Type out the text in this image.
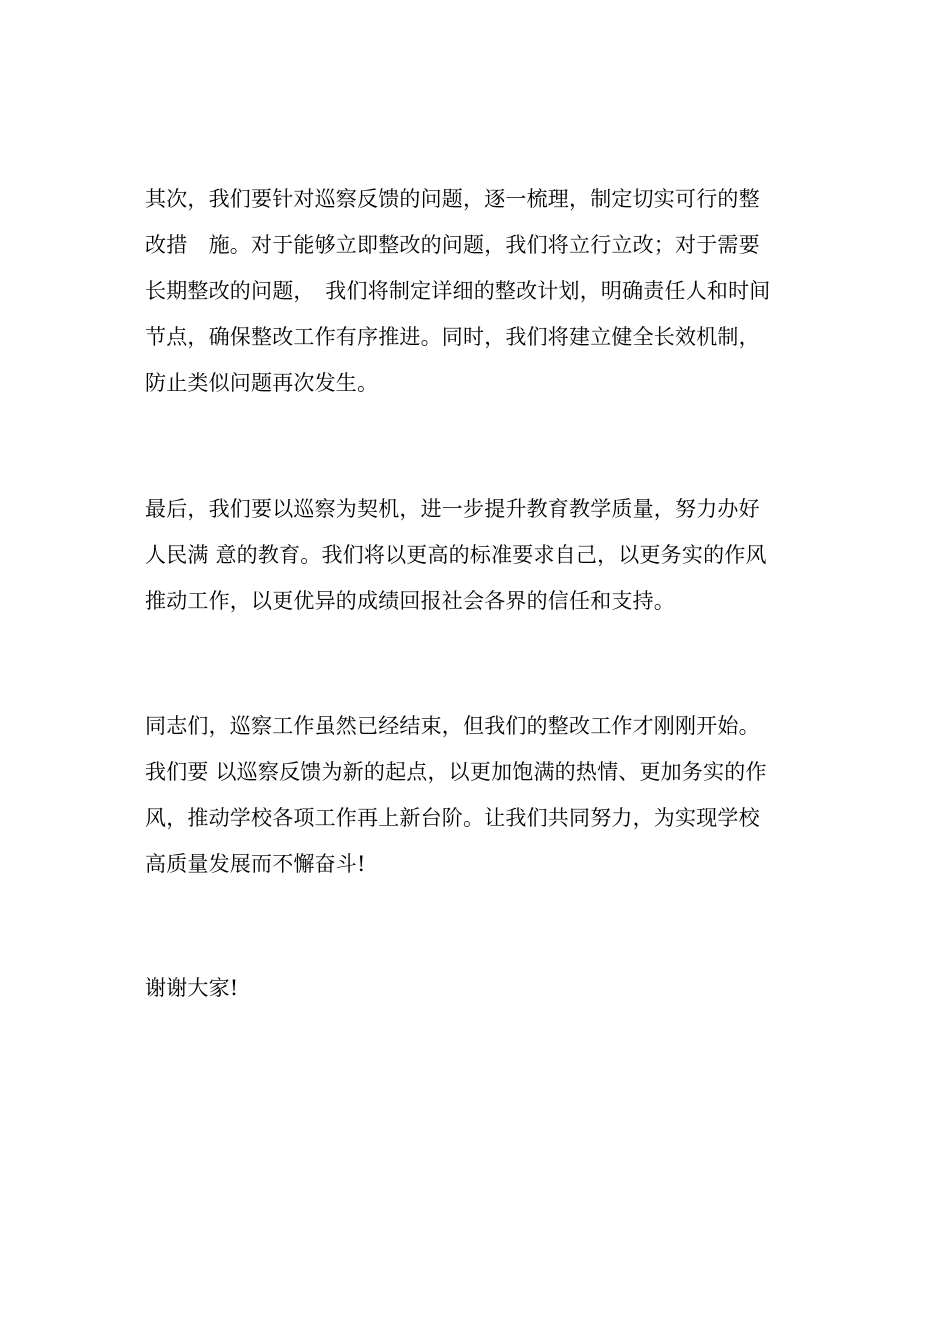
其次，我们要针对巡察反馈的问题，逐一梳理，制定切实可行的整
改措　施。对于能够立即整改的问题，我们将立行立改；对于需要
长期整改的问题，　我们将制定详细的整改计划，明确责任人和时间
节点，确保整改工作有序推进。同时，我们将建立健全长效机制，
防止类似问题再次发生。
最后，我们要以巡察为契机，进一步提升教育教学质量，努力办好
人民满 意的教育。我们将以更高的标准要求自己，以更务实的作风
推动工作，以更优异的成绩回报社会各界的信任和支持。
同志们，巡察工作虽然已经结束，但我们的整改工作才刚刚开始。
我们要 以巡察反馈为新的起点，以更加饱满的热情、更加务实的作
风，推动学校各项工作再上新台阶。让我们共同努力，为实现学校
高质量发展而不懈奋斗!
谢谢大家!
